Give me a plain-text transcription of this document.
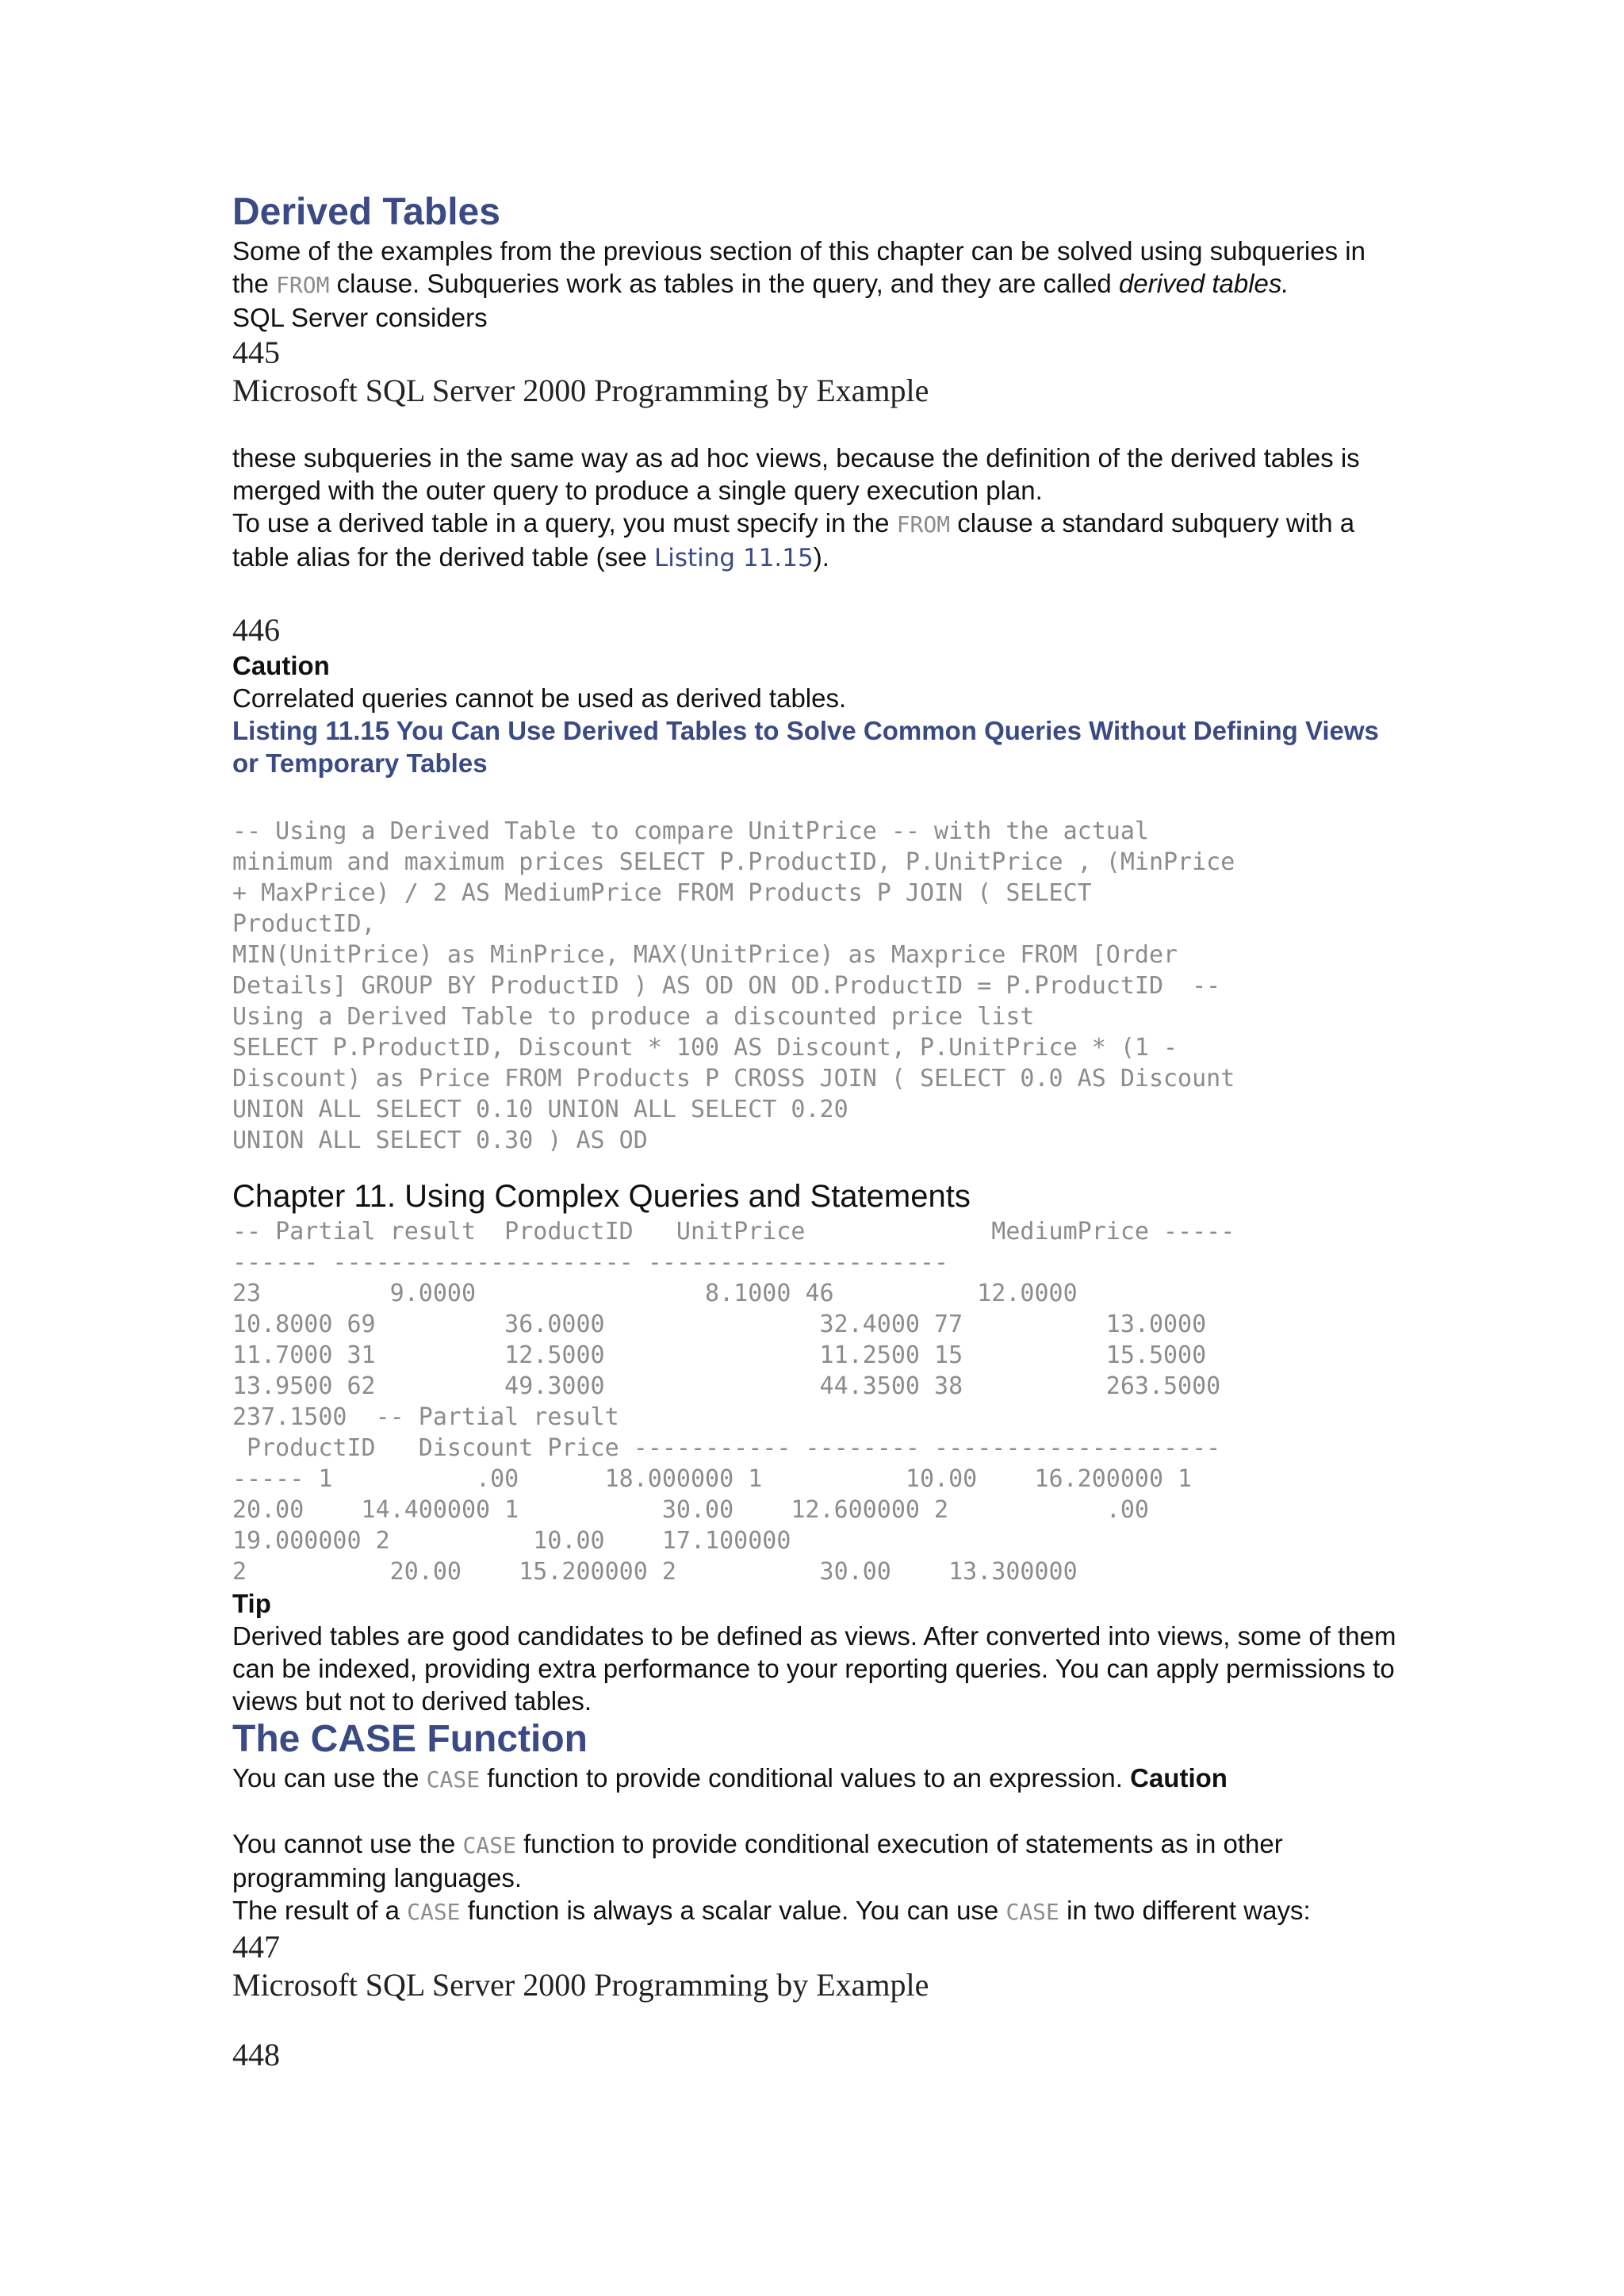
Derived Tables

Some of the examples from the previous section of this chapter can be solved using subqueries in the FROM clause. Subqueries work as tables in the query, and they are called derived tables.
SQL Server considers

445
Microsoft SQL Server 2000 Programming by Example

these subqueries in the same way as ad hoc views, because the definition of the derived tables is merged with the outer query to produce a single query execution plan.

To use a derived table in a query, you must specify in the FROM clause a standard subquery with a table alias for the derived table (see Listing 11.15).

446
Caution

Correlated queries cannot be used as derived tables.

Listing 11.15 You Can Use Derived Tables to Solve Common Queries Without Defining Views or Temporary Tables

-- Using a Derived Table to compare UnitPrice -- with the actual
minimum and maximum prices SELECT P.ProductID, P.UnitPrice , (MinPrice
+ MaxPrice) / 2 AS MediumPrice FROM Products P JOIN ( SELECT
ProductID,
MIN(UnitPrice) as MinPrice, MAX(UnitPrice) as Maxprice FROM [Order
Details] GROUP BY ProductID ) AS OD ON OD.ProductID = P.ProductID  --
Using a Derived Table to produce a discounted price list
SELECT P.ProductID, Discount * 100 AS Discount, P.UnitPrice * (1 -
Discount) as Price FROM Products P CROSS JOIN ( SELECT 0.0 AS Discount
UNION ALL SELECT 0.10 UNION ALL SELECT 0.20
UNION ALL SELECT 0.30 ) AS OD
Chapter 11. Using Complex Queries and Statements
-- Partial result  ProductID   UnitPrice             MediumPrice -----
------ --------------------- ---------------------
23         9.0000                8.1000 46          12.0000
10.8000 69         36.0000               32.4000 77          13.0000
11.7000 31         12.5000               11.2500 15          15.5000
13.9500 62         49.3000               44.3500 38          263.5000
237.1500  -- Partial result
ProductID   Discount Price ----------- -------- --------------------
----- 1          .00      18.000000 1          10.00    16.200000 1
20.00    14.400000 1          30.00    12.600000 2           .00
19.000000 2          10.00    17.100000
2          20.00    15.200000 2          30.00    13.300000
Tip

Derived tables are good candidates to be defined as views. After converted into views, some of them can be indexed, providing extra performance to your reporting queries. You can apply permissions to views but not to derived tables.

The CASE Function

You can use the CASE function to provide conditional values to an expression. Caution

You cannot use the CASE function to provide conditional execution of statements as in other programming languages.

The result of a CASE function is always a scalar value. You can use CASE in two different ways:

447
Microsoft SQL Server 2000 Programming by Example
448
